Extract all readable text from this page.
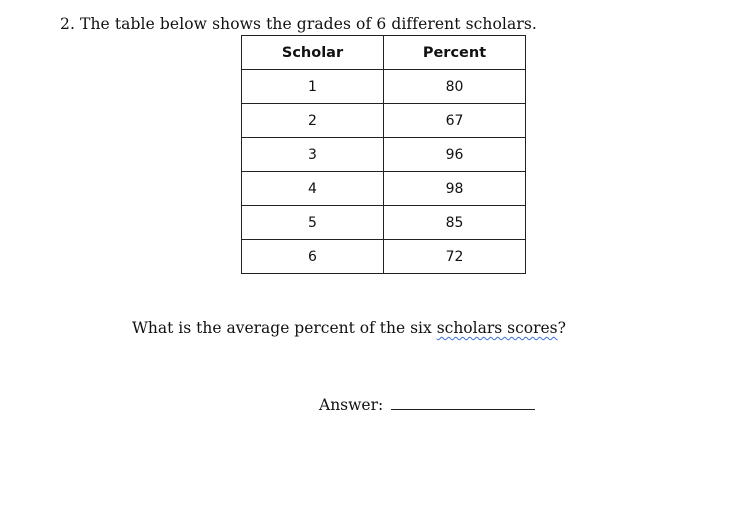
2. The table below shows the grades of 6 different scholars.
Scholar	Percent
1	80
2	67
3	96
4	98
5	85
6	72
What is the average percent of the six scholars scores?
Answer:
